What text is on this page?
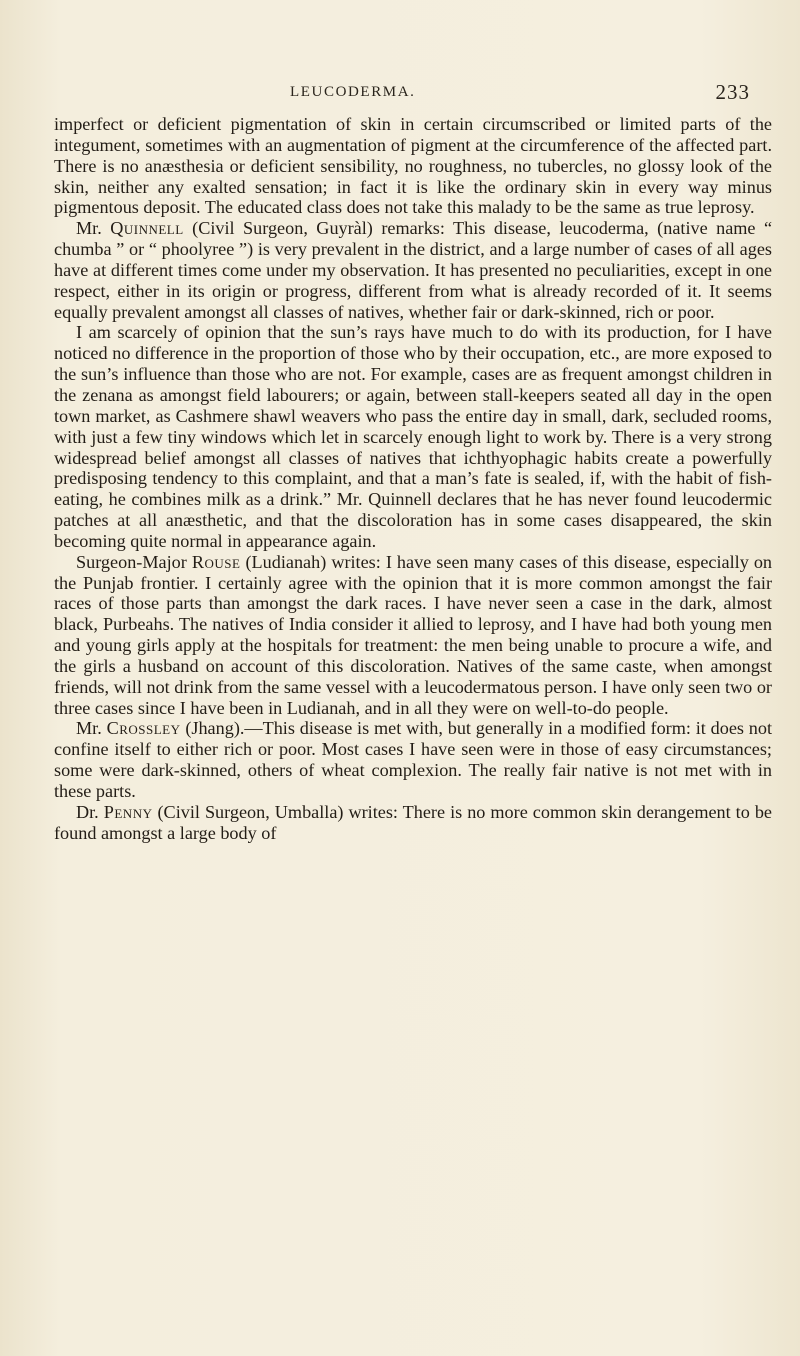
LEUCODERMA.	233

imperfect or deficient pigmentation of skin in certain circumscribed or limited parts of the integument, sometimes with an augmentation of pigment at the circumference of the affected part. There is no anæsthesia or deficient sensibility, no roughness, no tubercles, no glossy look of the skin, neither any exalted sensation; in fact it is like the ordinary skin in every way minus pigmentous deposit. The educated class does not take this malady to be the same as true leprosy.

Mr. Quinnell (Civil Surgeon, Guyràl) remarks: This disease, leucoderma, (native name “ chumba ” or “ phoolyree ”) is very prevalent in the district, and a large number of cases of all ages have at different times come under my observation. It has presented no peculiarities, except in one respect, either in its origin or progress, different from what is already recorded of it. It seems equally prevalent amongst all classes of natives, whether fair or dark-skinned, rich or poor.

I am scarcely of opinion that the sun’s rays have much to do with its production, for I have noticed no difference in the proportion of those who by their occupation, etc., are more exposed to the sun’s influence than those who are not. For example, cases are as frequent amongst children in the zenana as amongst field labourers; or again, between stall-keepers seated all day in the open town market, as Cashmere shawl weavers who pass the entire day in small, dark, secluded rooms, with just a few tiny windows which let in scarcely enough light to work by. There is a very strong widespread belief amongst all classes of natives that ichthyophagic habits create a powerfully predisposing tendency to this complaint, and that a man’s fate is sealed, if, with the habit of fish-eating, he combines milk as a drink.” Mr. Quinnell declares that he has never found leucodermic patches at all anæsthetic, and that the discoloration has in some cases disappeared, the skin becoming quite normal in appearance again.

Surgeon-Major Rouse (Ludianah) writes: I have seen many cases of this disease, especially on the Punjab frontier. I certainly agree with the opinion that it is more common amongst the fair races of those parts than amongst the dark races. I have never seen a case in the dark, almost black, Purbeahs. The natives of India consider it allied to leprosy, and I have had both young men and young girls apply at the hospitals for treatment: the men being unable to procure a wife, and the girls a husband on account of this discoloration. Natives of the same caste, when amongst friends, will not drink from the same vessel with a leucodermatous person. I have only seen two or three cases since I have been in Ludianah, and in all they were on well-to-do people.

Mr. Crossley (Jhang).—This disease is met with, but generally in a modified form: it does not confine itself to either rich or poor. Most cases I have seen were in those of easy circumstances; some were dark-skinned, others of wheat complexion. The really fair native is not met with in these parts.

Dr. Penny (Civil Surgeon, Umballa) writes: There is no more common skin derangement to be found amongst a large body of
